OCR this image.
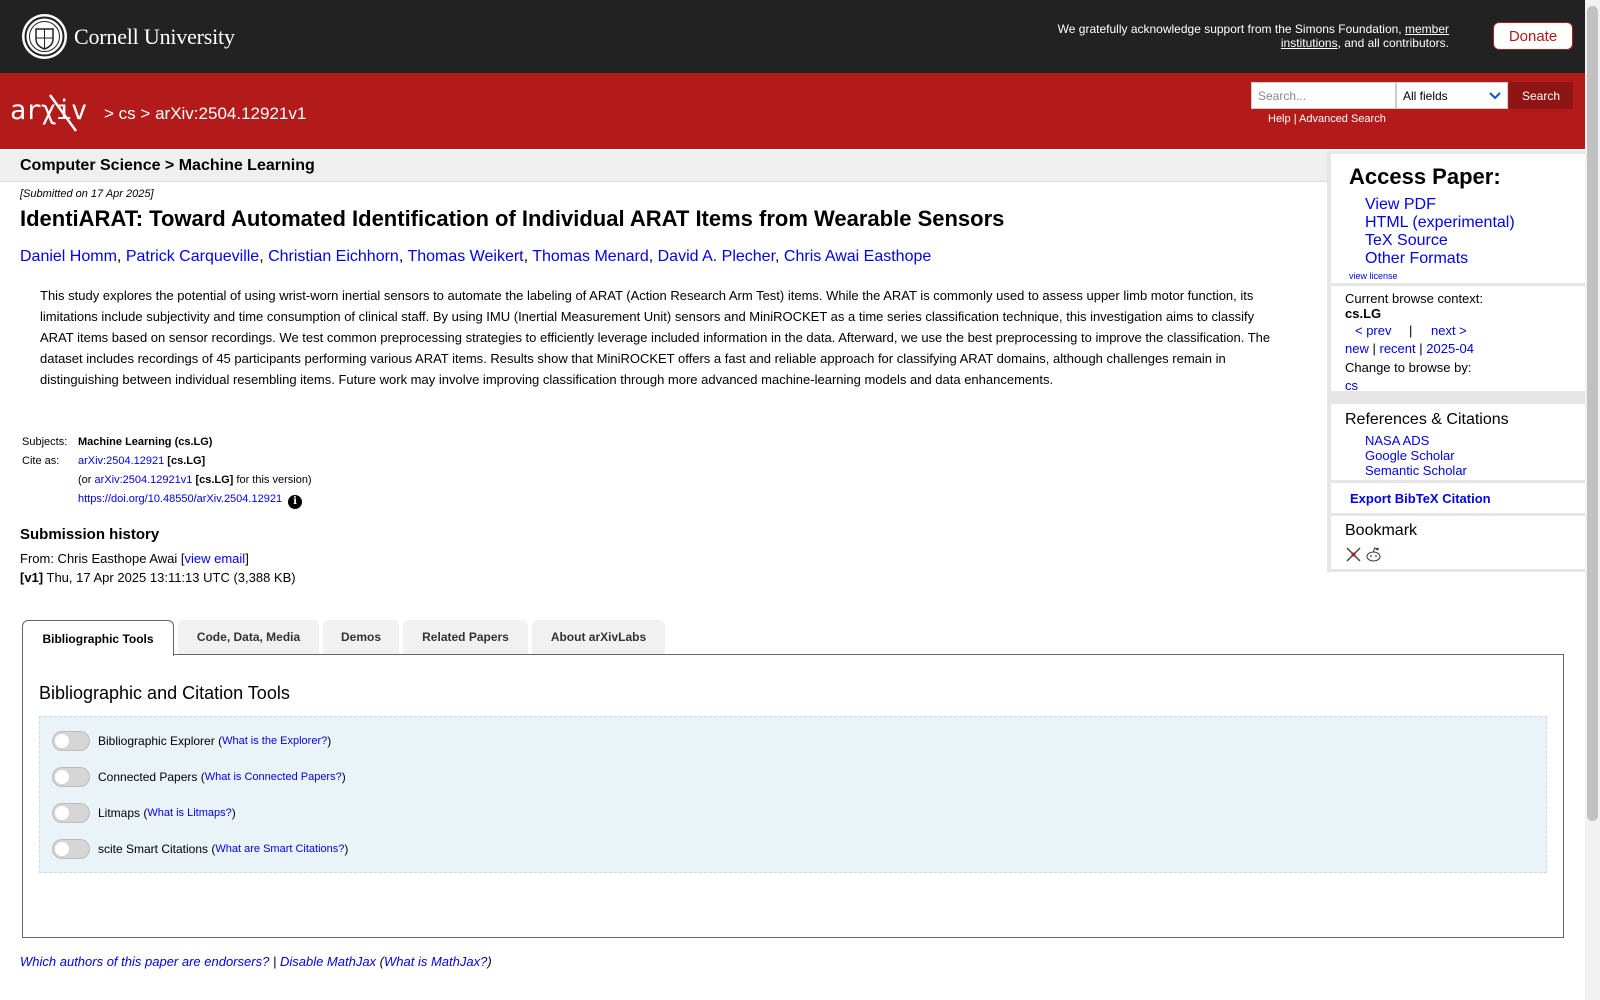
Cornell University	We gratefully acknowledge support from the Simons Foundation, member institutions, and all contributors.	Donate
arχiv > cs > arXiv:2504.12921v1
Search...	All fields	Search
Help | Advanced Search
Computer Science > Machine Learning
[Submitted on 17 Apr 2025]
IdentiARAT: Toward Automated Identification of Individual ARAT Items from Wearable Sensors
Daniel Homm, Patrick Carqueville, Christian Eichhorn, Thomas Weikert, Thomas Menard, David A. Plecher, Chris Awai Easthope
This study explores the potential of using wrist-worn inertial sensors to automate the labeling of ARAT (Action Research Arm Test) items. While the ARAT is commonly used to assess upper limb motor function, its limitations include subjectivity and time consumption of clinical staff. By using IMU (Inertial Measurement Unit) sensors and MiniROCKET as a time series classification technique, this investigation aims to classify ARAT items based on sensor recordings. We test common preprocessing strategies to efficiently leverage included information in the data. Afterward, we use the best preprocessing to improve the classification. The dataset includes recordings of 45 participants performing various ARAT items. Results show that MiniROCKET offers a fast and reliable approach for classifying ARAT domains, although challenges remain in distinguishing between individual resembling items. Future work may involve improving classification through more advanced machine-learning models and data enhancements.
Subjects: Machine Learning (cs.LG)
Cite as:	arXiv:2504.12921 [cs.LG]
(or arXiv:2504.12921v1 [cs.LG] for this version)
https://doi.org/10.48550/arXiv.2504.12921 i
Submission history
From: Chris Easthope Awai [view email]
[v1] Thu, 17 Apr 2025 13:11:13 UTC (3,388 KB)
Access Paper:
View PDF
HTML (experimental)
TeX Source
Other Formats
view license
Current browse context:
cs.LG
< prev | next >
new | recent | 2025-04
Change to browse by:
cs
References & Citations
NASA ADS
Google Scholar
Semantic Scholar
Export BibTeX Citation
Bookmark
Bibliographic Tools	Code, Data, Media	Demos	Related Papers	About arXivLabs
Bibliographic and Citation Tools
Bibliographic Explorer ( What is the Explorer? )
Connected Papers ( What is Connected Papers? )
Litmaps ( What is Litmaps? )
scite Smart Citations ( What are Smart Citations? )
Which authors of this paper are endorsers? | Disable MathJax (What is MathJax?)
